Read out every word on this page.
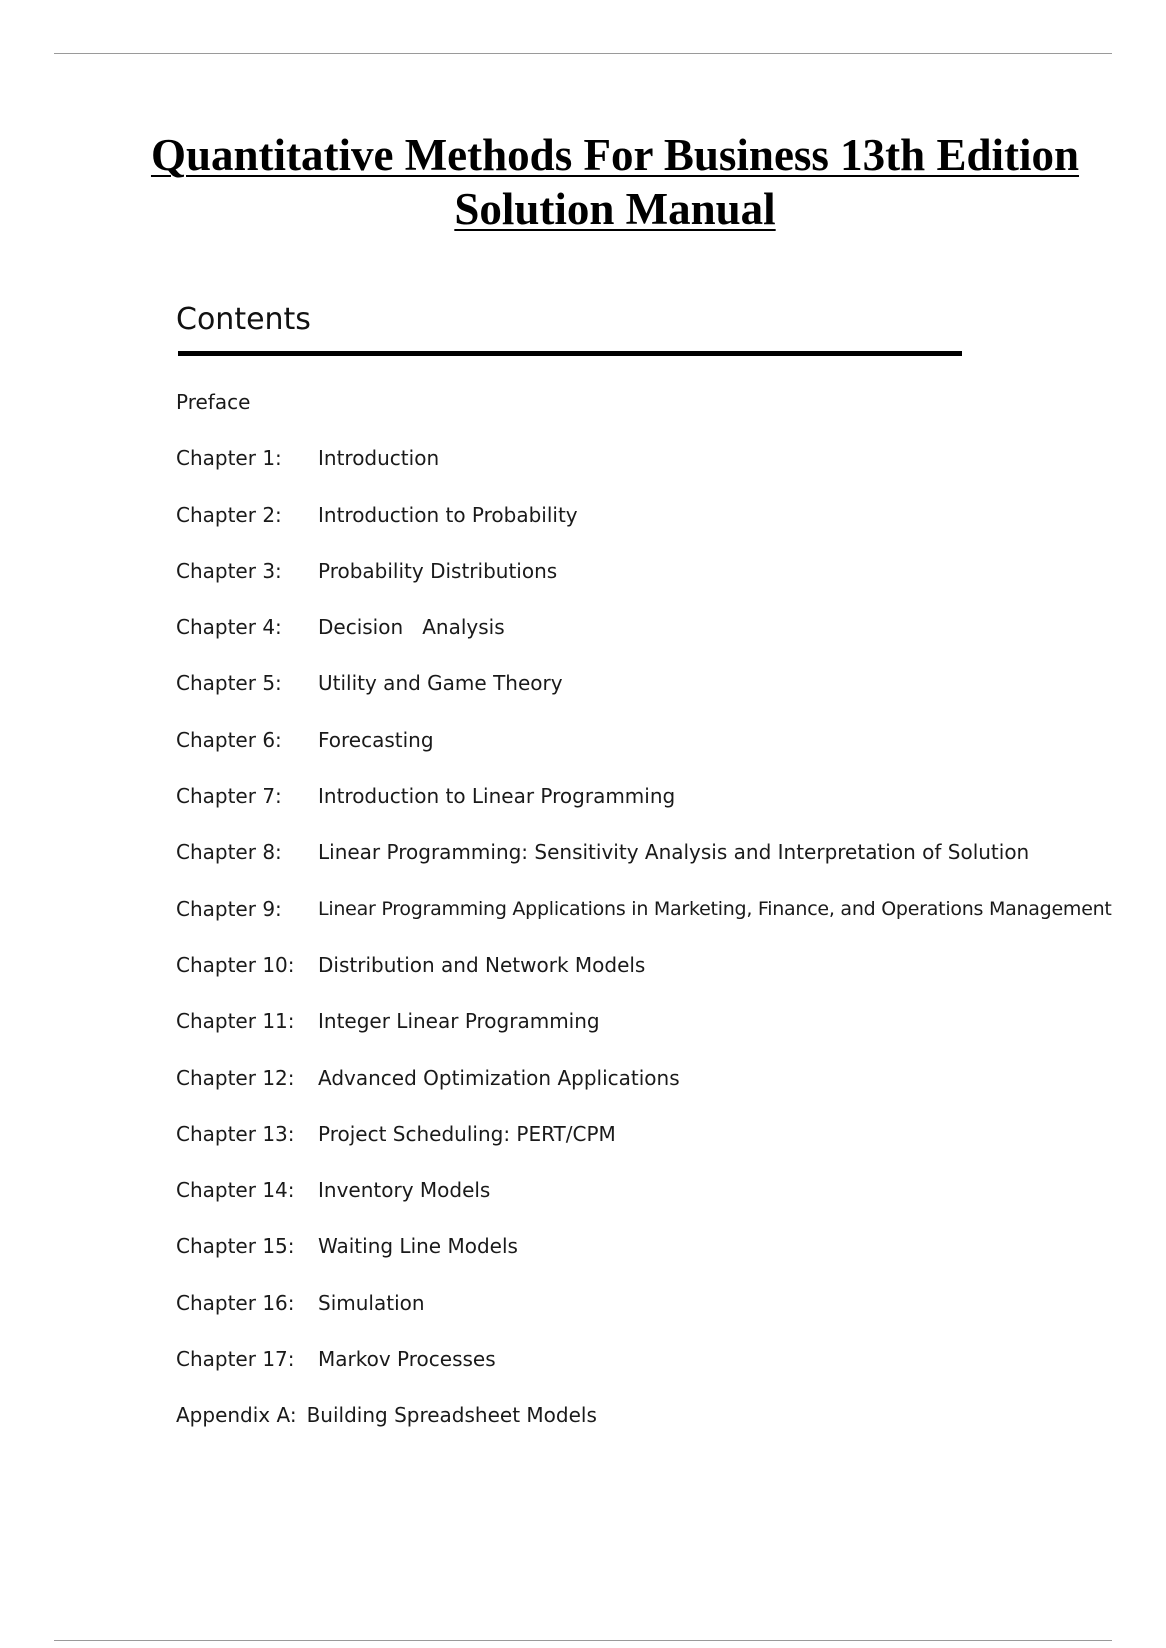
Quantitative Methods For Business 13th Edition
Solution Manual
Contents
Preface
Chapter 1:	Introduction
Chapter 2:	Introduction to Probability
Chapter 3:	Probability Distributions
Chapter 4:	Decision   Analysis
Chapter 5:	Utility and Game Theory
Chapter 6:	Forecasting
Chapter 7:	Introduction to Linear Programming
Chapter 8:	Linear Programming: Sensitivity Analysis and Interpretation of Solution
Chapter 9:	Linear Programming Applications in Marketing, Finance, and Operations Management
Chapter 10:	Distribution and Network Models
Chapter 11:	Integer Linear Programming
Chapter 12:	Advanced Optimization Applications
Chapter 13:	Project Scheduling: PERT/CPM
Chapter 14:	Inventory Models
Chapter 15:	Waiting Line Models
Chapter 16:	Simulation
Chapter 17:	Markov Processes
Appendix A: Building Spreadsheet Models
